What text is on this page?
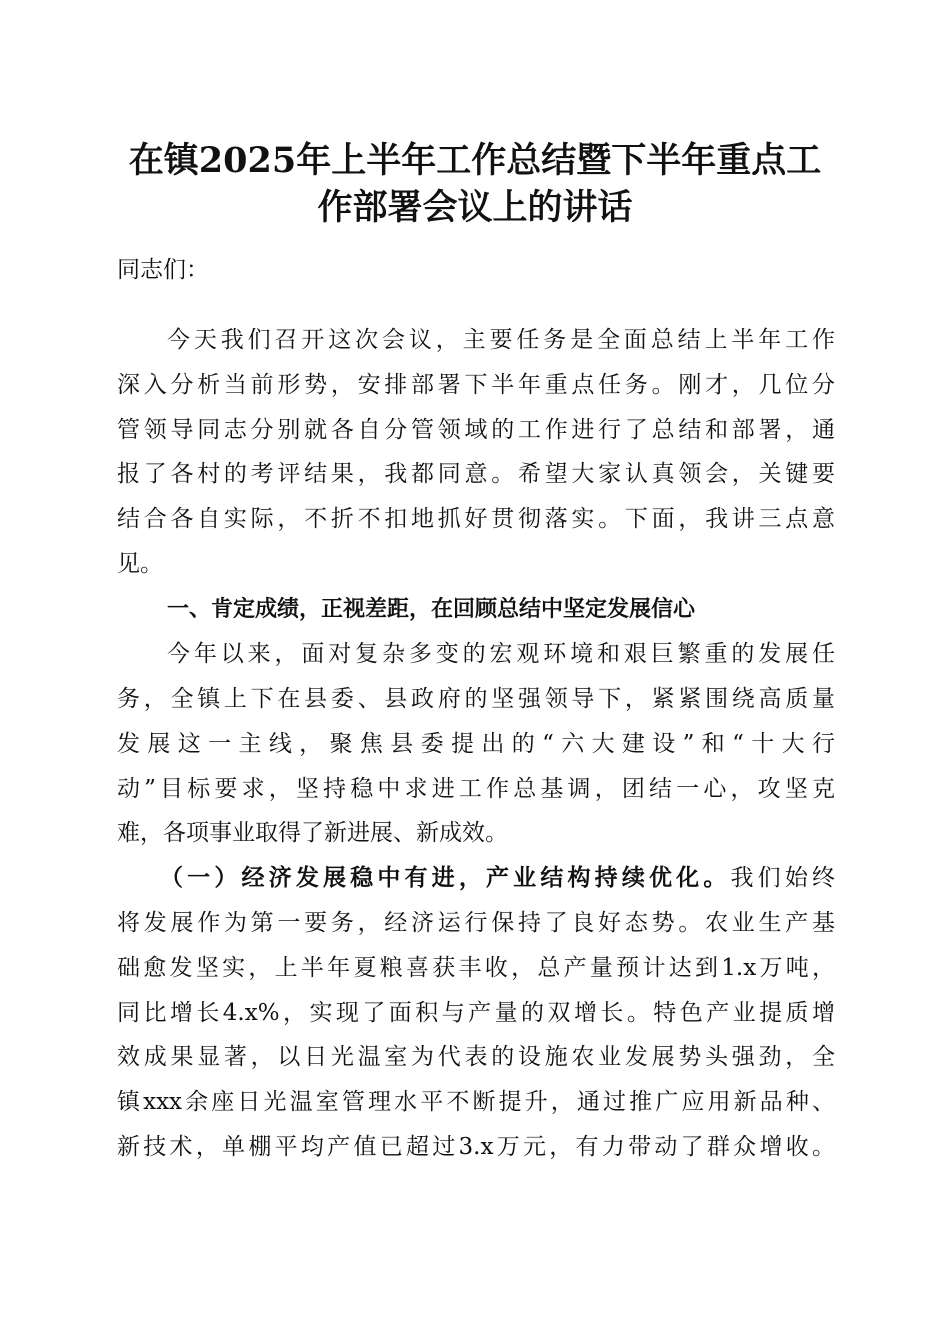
在镇2025年上半年工作总结暨下半年重点工
作部署会议上的讲话

同志们：

今天我们召开这次会议，主要任务是全面总结上半年工作

深入分析当前形势，安排部署下半年重点任务。刚才，几位分

管领导同志分别就各自分管领域的工作进行了总结和部署，通

报了各村的考评结果，我都同意。希望大家认真领会，关键要

结合各自实际，不折不扣地抓好贯彻落实。下面，我讲三点意

见。

一、肯定成绩，正视差距，在回顾总结中坚定发展信心

今年以来，面对复杂多变的宏观环境和艰巨繁重的发展任

务，全镇上下在县委、县政府的坚强领导下，紧紧围绕高质量

发展这一主线，聚焦县委提出的“六大建设”和“十大行

动”目标要求，坚持稳中求进工作总基调，团结一心，攻坚克

难，各项事业取得了新进展、新成效。

（一）经济发展稳中有进，产业结构持续优化。我们始终

将发展作为第一要务，经济运行保持了良好态势。农业生产基

础愈发坚实，上半年夏粮喜获丰收，总产量预计达到1.x万吨，

同比增长4.x%，实现了面积与产量的双增长。特色产业提质增

效成果显著，以日光温室为代表的设施农业发展势头强劲，全

镇xxx余座日光温室管理水平不断提升，通过推广应用新品种、

新技术，单棚平均产值已超过3.x万元，有力带动了群众增收。
